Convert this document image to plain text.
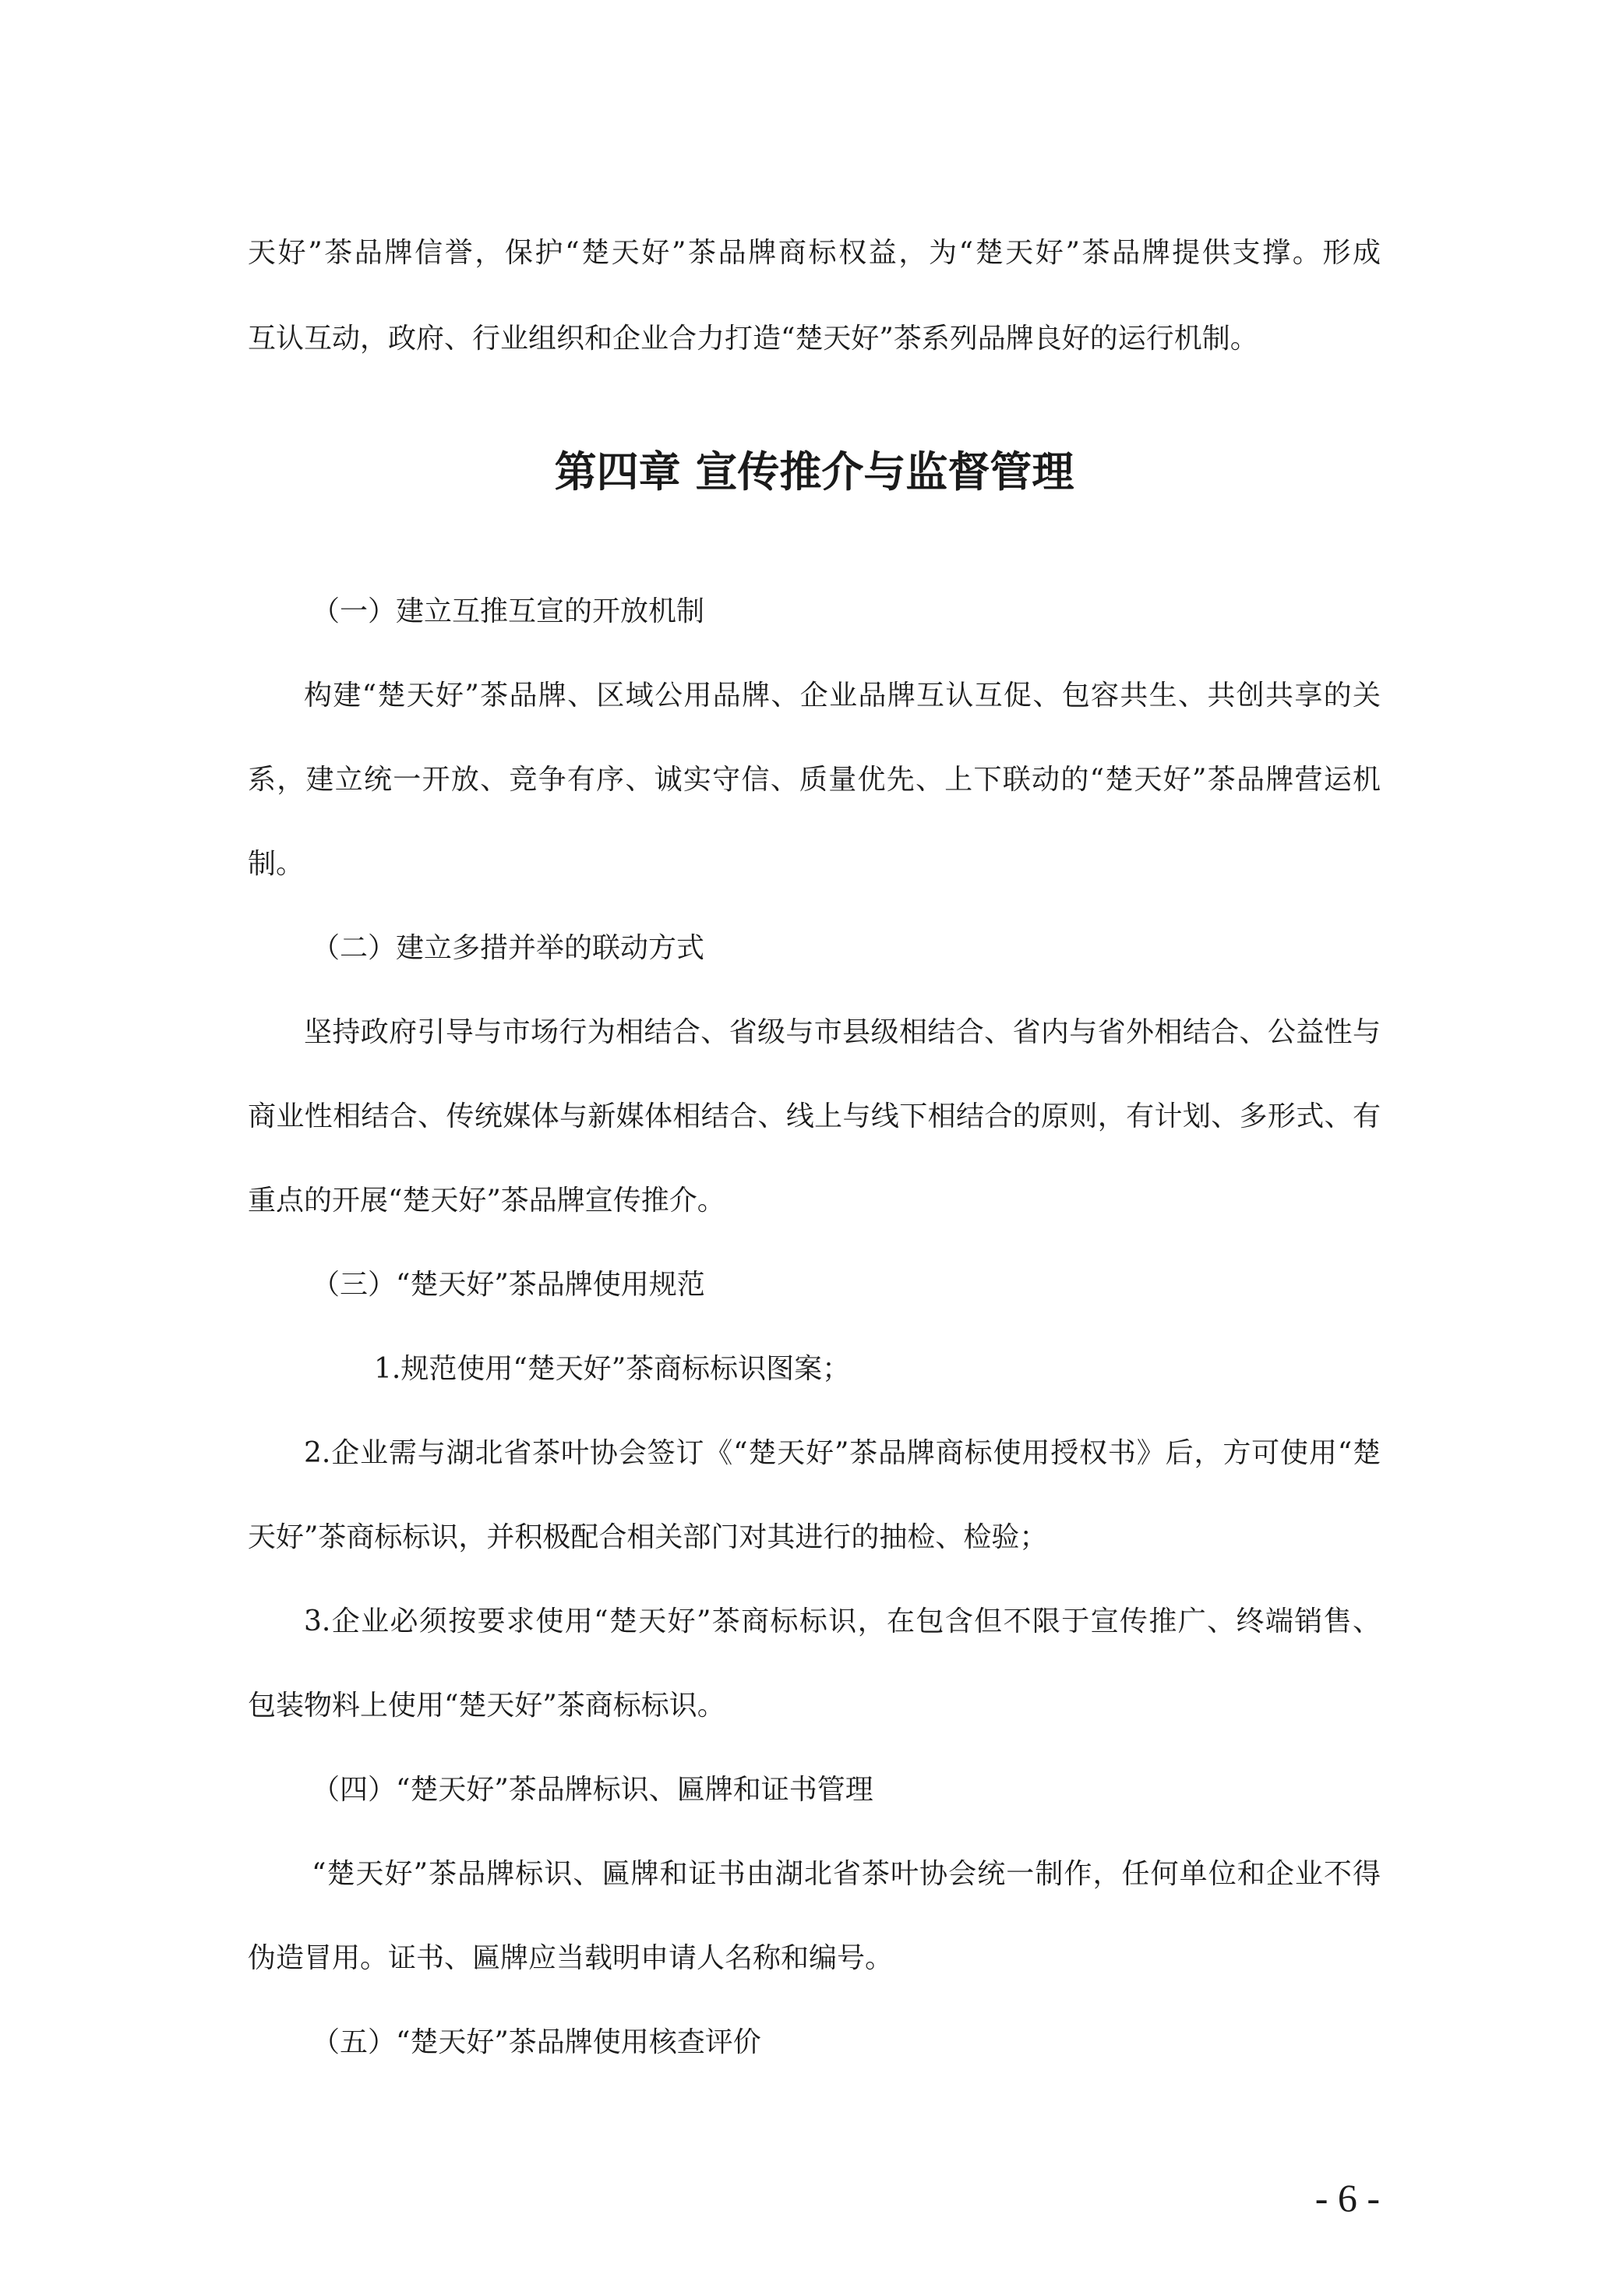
天好”茶品牌信誉，保护“楚天好”茶品牌商标权益，为“楚天好”茶品牌提供支撑。形成
互认互动，政府、行业组织和企业合力打造“楚天好”茶系列品牌良好的运行机制。
第四章 宣传推介与监督管理
（一）建立互推互宣的开放机制
构建“楚天好”茶品牌、区域公用品牌、企业品牌互认互促、包容共生、共创共享的关
系，建立统一开放、竞争有序、诚实守信、质量优先、上下联动的“楚天好”茶品牌营运机
制。
（二）建立多措并举的联动方式
坚持政府引导与市场行为相结合、省级与市县级相结合、省内与省外相结合、公益性与
商业性相结合、传统媒体与新媒体相结合、线上与线下相结合的原则，有计划、多形式、有
重点的开展“楚天好”茶品牌宣传推介。
（三）“楚天好”茶品牌使用规范
1.规范使用“楚天好”茶商标标识图案；
2.企业需与湖北省茶叶协会签订《“楚天好”茶品牌商标使用授权书》后，方可使用“楚
天好”茶商标标识，并积极配合相关部门对其进行的抽检、检验；
3.企业必须按要求使用“楚天好”茶商标标识，在包含但不限于宣传推广、终端销售、
包装物料上使用“楚天好”茶商标标识。
（四）“楚天好”茶品牌标识、匾牌和证书管理
“楚天好”茶品牌标识、匾牌和证书由湖北省茶叶协会统一制作，任何单位和企业不得
伪造冒用。证书、匾牌应当载明申请人名称和编号。
（五）“楚天好”茶品牌使用核查评价
- 6 -
